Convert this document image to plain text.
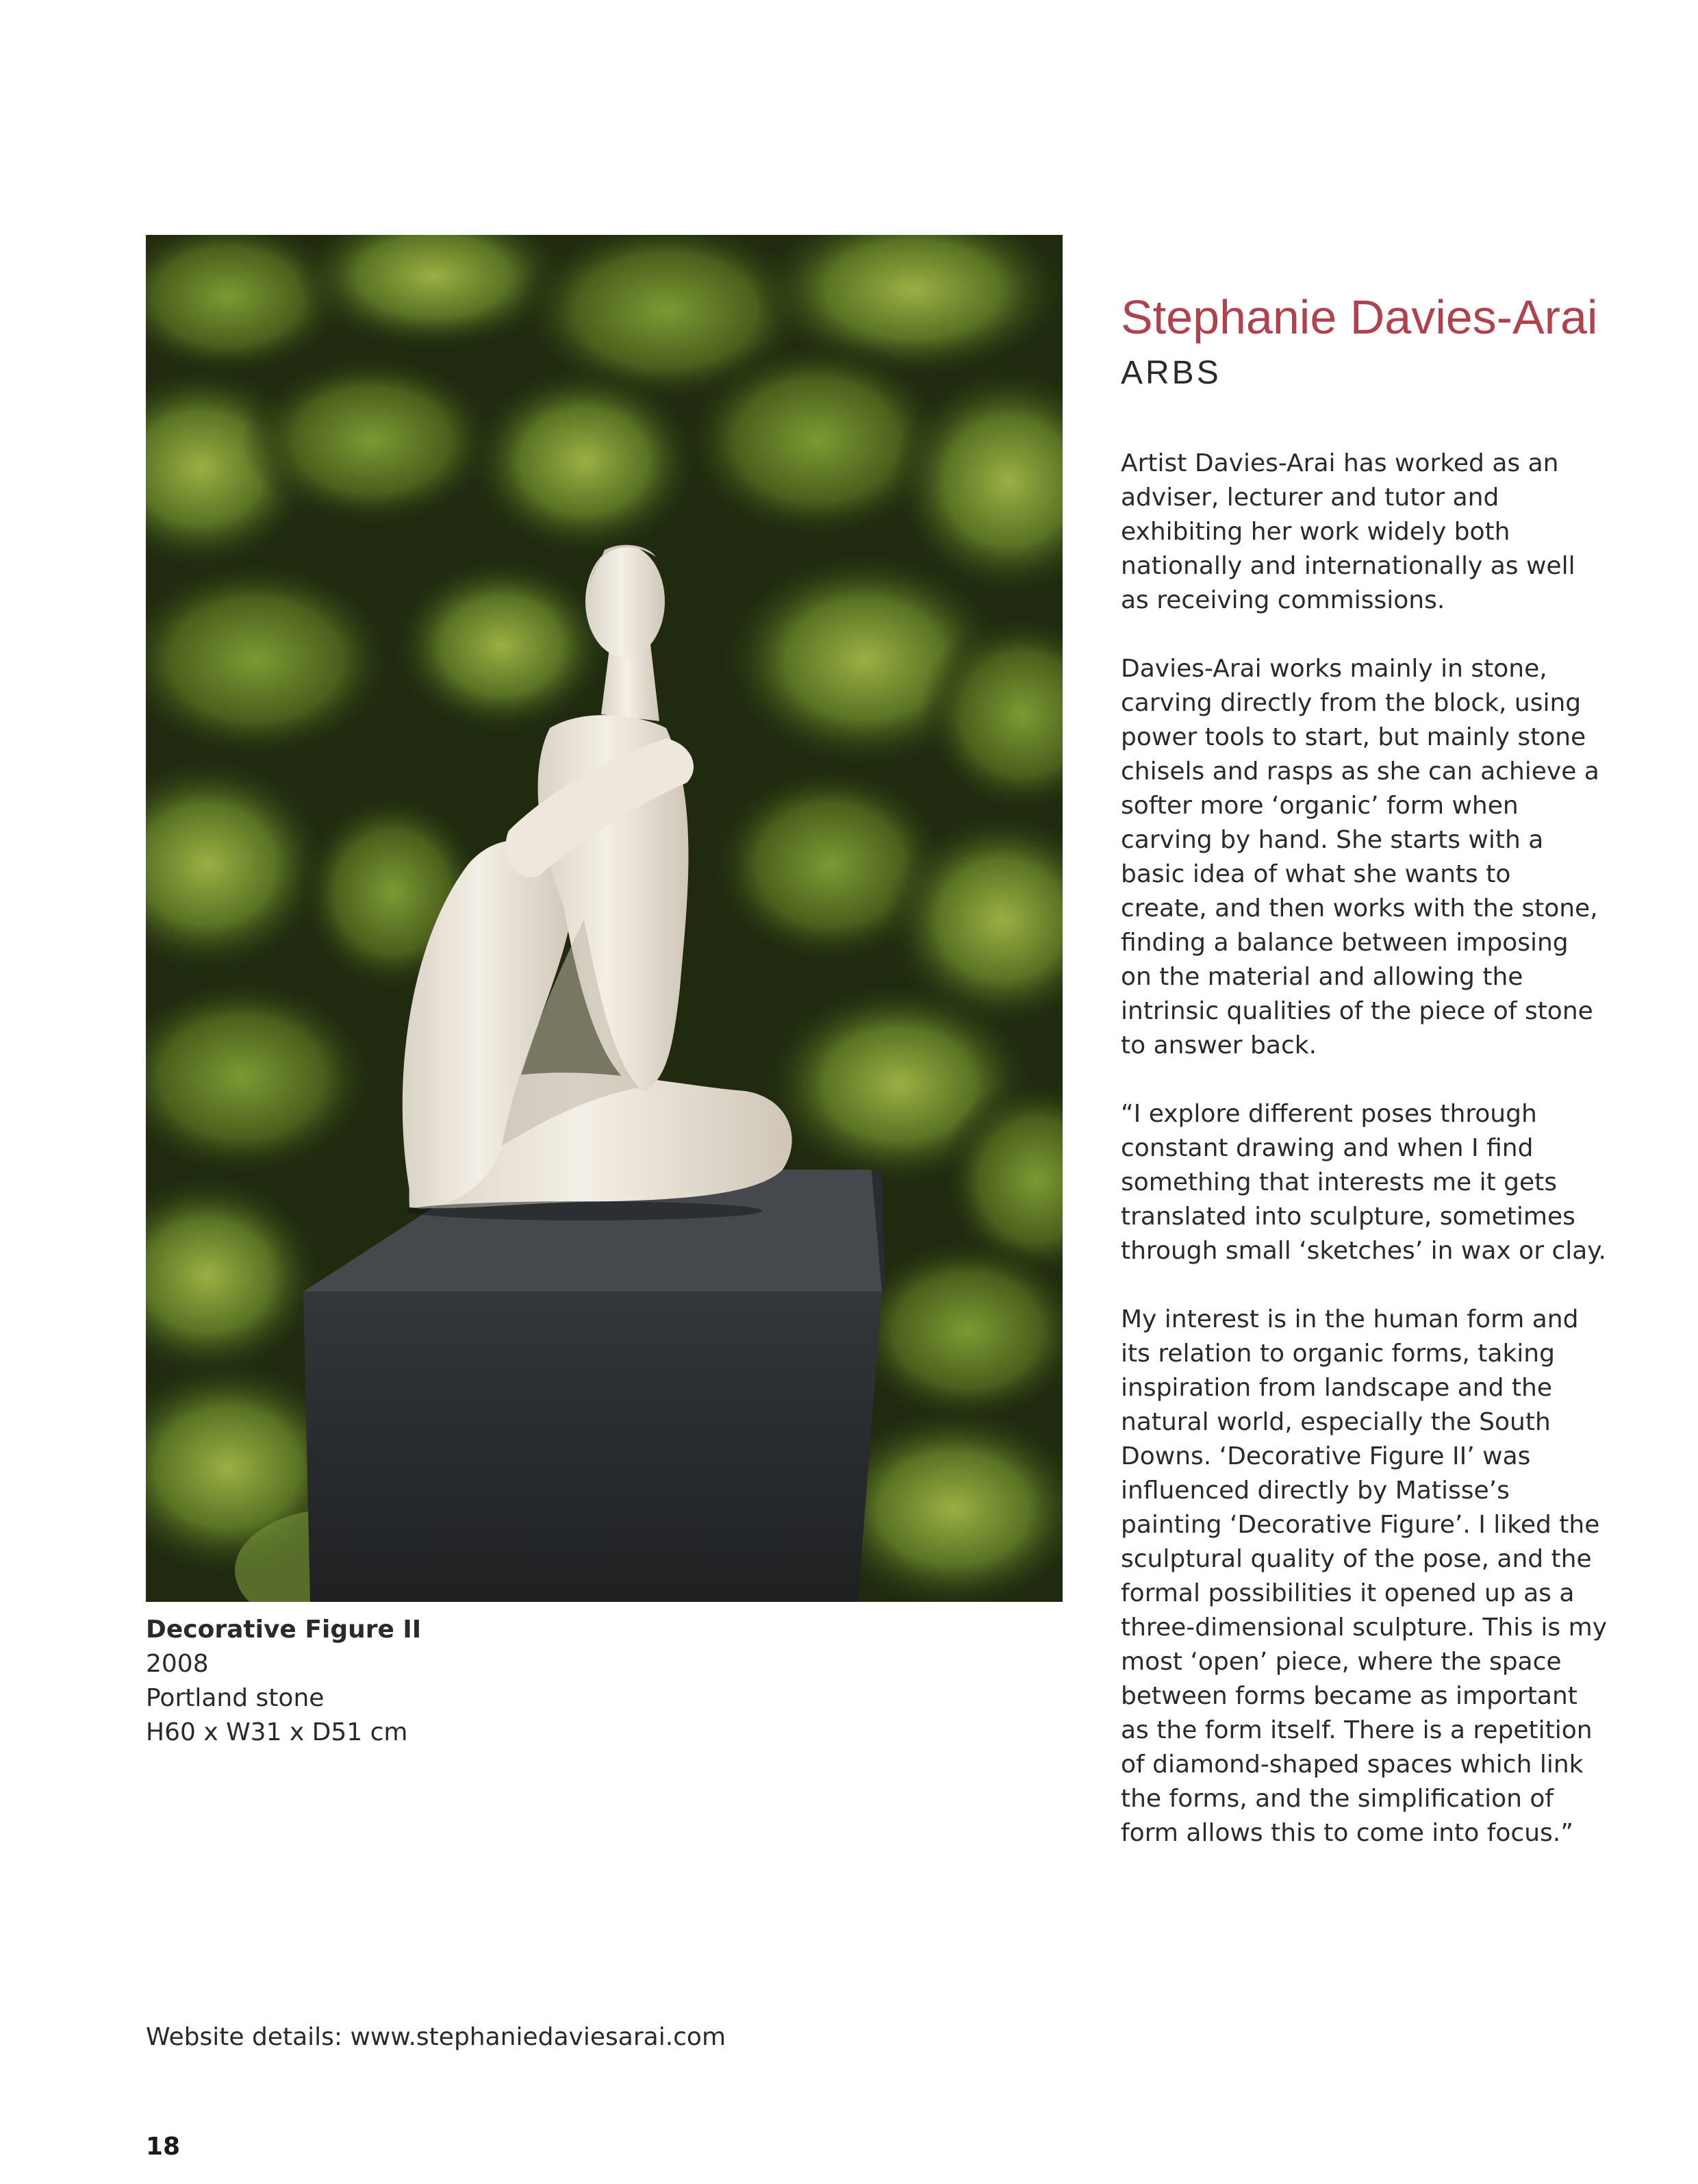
Decorative Figure II
2008
Portland stone
H60 x W31 x D51 cm
Stephanie Davies-Arai
ARBS

Artist Davies-Arai has worked as an
adviser, lecturer and tutor and
exhibiting her work widely both
nationally and internationally as well
as receiving commissions.

Davies-Arai works mainly in stone,
carving directly from the block, using
power tools to start, but mainly stone
chisels and rasps as she can achieve a
softer more ‘organic’ form when
carving by hand. She starts with a
basic idea of what she wants to
create, and then works with the stone,
finding a balance between imposing
on the material and allowing the
intrinsic qualities of the piece of stone
to answer back.

“I explore different poses through
constant drawing and when I find
something that interests me it gets
translated into sculpture, sometimes
through small ‘sketches’ in wax or clay.

My interest is in the human form and
its relation to organic forms, taking
inspiration from landscape and the
natural world, especially the South
Downs. ‘Decorative Figure II’ was
influenced directly by Matisse’s
painting ‘Decorative Figure’. I liked the
sculptural quality of the pose, and the
formal possibilities it opened up as a
three-dimensional sculpture. This is my
most ‘open’ piece, where the space
between forms became as important
as the form itself. There is a repetition
of diamond-shaped spaces which link
the forms, and the simplification of
form allows this to come into focus.”

Website details: www.stephaniedaviesarai.com
18
